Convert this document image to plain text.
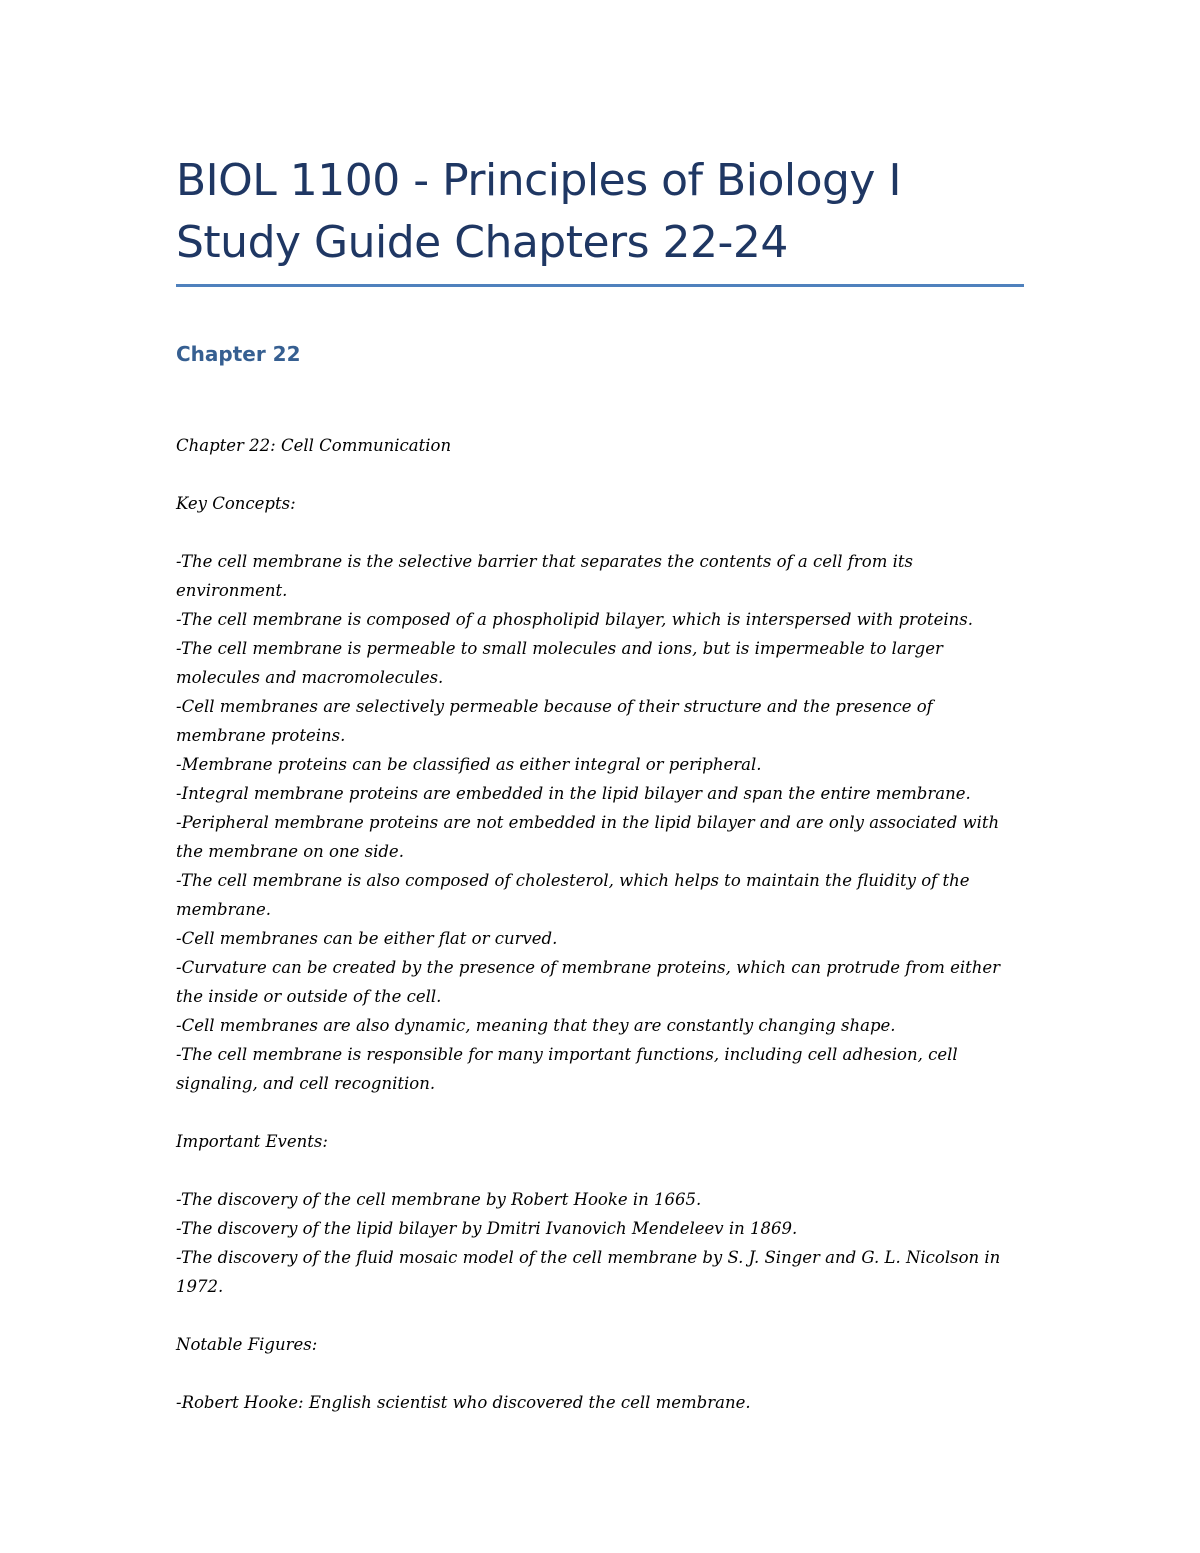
BIOL 1100 - Principles of Biology I Study Guide Chapters 22-24
Chapter 22
Chapter 22: Cell Communication
Key Concepts:

-The cell membrane is the selective barrier that separates the contents of a cell from its environment.

-The cell membrane is composed of a phospholipid bilayer, which is interspersed with proteins.

-The cell membrane is permeable to small molecules and ions, but is impermeable to larger molecules and macromolecules.

-Cell membranes are selectively permeable because of their structure and the presence of membrane proteins.

-Membrane proteins can be classified as either integral or peripheral.

-Integral membrane proteins are embedded in the lipid bilayer and span the entire membrane.

-Peripheral membrane proteins are not embedded in the lipid bilayer and are only associated with the membrane on one side.

-The cell membrane is also composed of cholesterol, which helps to maintain the fluidity of the membrane.

-Cell membranes can be either flat or curved.

-Curvature can be created by the presence of membrane proteins, which can protrude from either the inside or outside of the cell.

-Cell membranes are also dynamic, meaning that they are constantly changing shape.

-The cell membrane is responsible for many important functions, including cell adhesion, cell signaling, and cell recognition.

Important Events:

-The discovery of the cell membrane by Robert Hooke in 1665.

-The discovery of the lipid bilayer by Dmitri Ivanovich Mendeleev in 1869.

-The discovery of the fluid mosaic model of the cell membrane by S. J. Singer and G. L. Nicolson in 1972.

Notable Figures:

-Robert Hooke: English scientist who discovered the cell membrane.
